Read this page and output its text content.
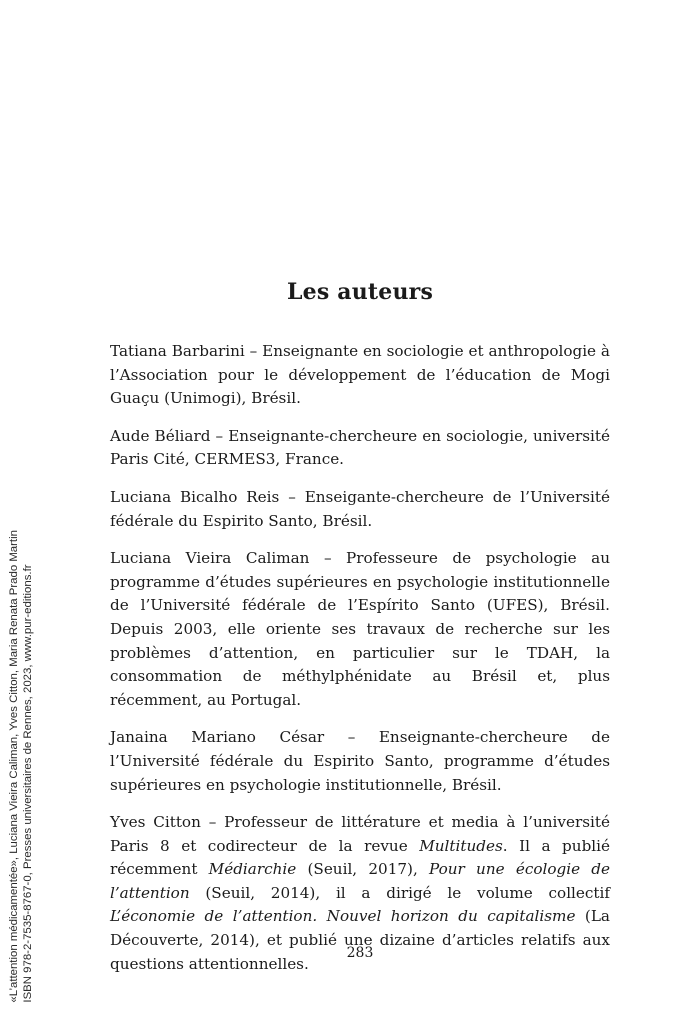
Les auteurs

Tatiana Barbarini – Enseignante en sociologie et anthropologie à l’Association pour le développement de l’éducation de Mogi Guaçu (Unimogi), Brésil.

Aude Béliard – Enseignante-chercheure en sociologie, université Paris Cité, CERMES3, France.

Luciana Bicalho Reis – Enseigante-chercheure de l’Université fédérale du Espirito Santo, Brésil.

Luciana Vieira Caliman – Professeure de psychologie au programme d’études supérieures en psychologie institutionnelle de l’Université fédérale de l’Espírito Santo (UFES), Brésil. Depuis 2003, elle oriente ses travaux de recherche sur les problèmes d’attention, en particulier sur le TDAH, la consommation de méthylphénidate au Brésil et, plus récemment, au Portugal.

Janaina Mariano César – Enseignante-chercheure de l’Université fédérale du Espirito Santo, programme d’études supérieures en psychologie institutionnelle, Brésil.

Yves Citton – Professeur de littérature et media à l’université Paris 8 et codirecteur de la revue Multitudes. Il a publié récemment Médiarchie (Seuil, 2017), Pour une écologie de l’attention (Seuil, 2014), il a dirigé le volume collectif L’économie de l’attention. Nouvel horizon du capitalisme (La Découverte, 2014), et publié une dizaine d’articles relatifs aux questions attentionnelles.

283
«L’attention médicamentée», Luciana Vieira Caliman, Yves Citton, Maria Renata Prado Martin ISBN 978-2-7535-8767-0, Presses universitaires de Rennes, 2023, www.pur-editions.fr
